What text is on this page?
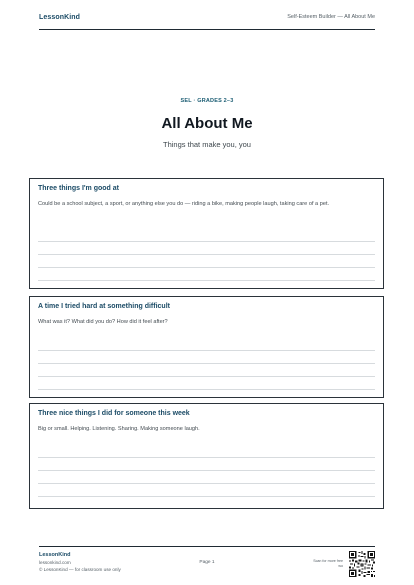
LessonKind	Self-Esteem Builder — All About Me
SEL · GRADES 2–3
All About Me
Things that make you, you
Three things I'm good at
Could be a school subject, a sport, or anything else you do — riding a bike, making people laugh, taking care of a pet.
A time I tried hard at something difficult
What was it? What did you do? How did it feel after?
Three nice things I did for someone this week
Big or small. Helping. Listening. Sharing. Making someone laugh.
LessonKind
lessonkind.com
© LessonKind — for classroom use only
Page 1	Scan for more free wo
